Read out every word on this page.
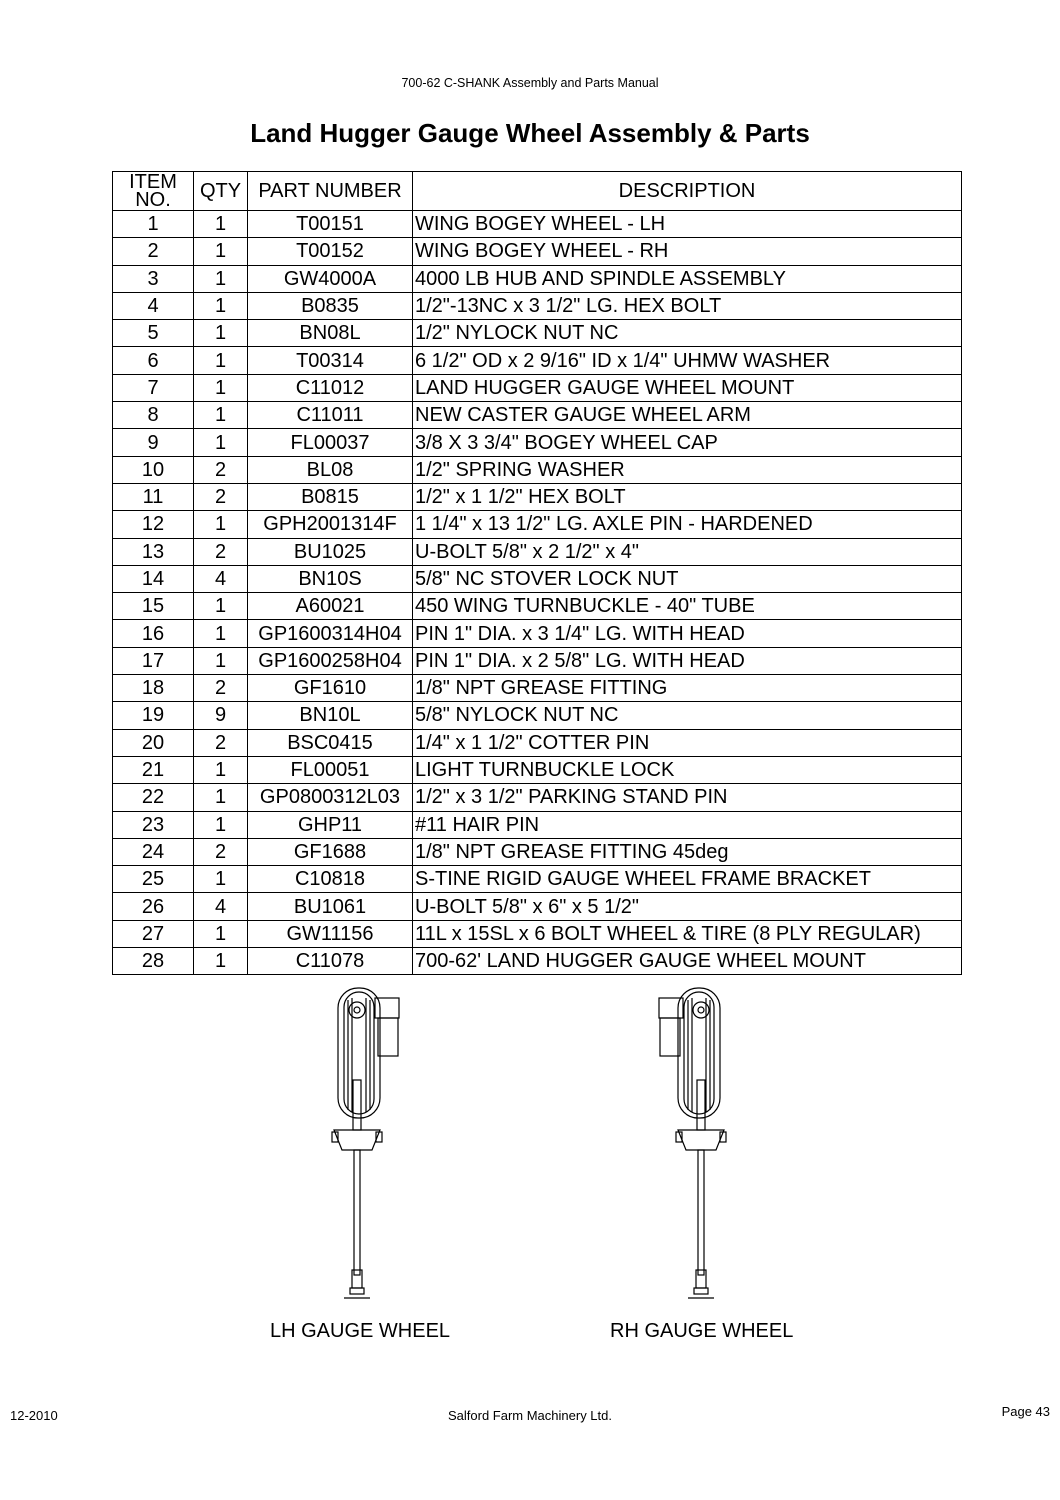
700-62 C-SHANK Assembly and Parts Manual
Land Hugger Gauge Wheel Assembly & Parts
ITEM NO.	QTY	PART NUMBER	DESCRIPTION
1	1	T00151	WING BOGEY WHEEL - LH
2	1	T00152	WING BOGEY WHEEL - RH
3	1	GW4000A	4000 LB HUB AND SPINDLE ASSEMBLY
4	1	B0835	1/2"-13NC x 3 1/2" LG. HEX BOLT
5	1	BN08L	1/2" NYLOCK NUT NC
6	1	T00314	6 1/2" OD x 2 9/16" ID x 1/4" UHMW WASHER
7	1	C11012	LAND HUGGER GAUGE WHEEL MOUNT
8	1	C11011	NEW CASTER GAUGE WHEEL ARM
9	1	FL00037	3/8 X 3 3/4" BOGEY WHEEL CAP
10	2	BL08	1/2" SPRING WASHER
11	2	B0815	1/2" x 1 1/2" HEX BOLT
12	1	GPH2001314F	1 1/4" x 13 1/2" LG. AXLE PIN - HARDENED
13	2	BU1025	U-BOLT 5/8" x 2 1/2" x 4"
14	4	BN10S	5/8" NC STOVER LOCK NUT
15	1	A60021	450 WING TURNBUCKLE - 40" TUBE
16	1	GP1600314H04	PIN 1" DIA. x 3 1/4" LG. WITH HEAD
17	1	GP1600258H04	PIN 1" DIA. x 2 5/8" LG. WITH HEAD
18	2	GF1610	1/8" NPT GREASE FITTING
19	9	BN10L	5/8" NYLOCK NUT NC
20	2	BSC0415	1/4" x 1 1/2" COTTER PIN
21	1	FL00051	LIGHT TURNBUCKLE LOCK
22	1	GP0800312L03	1/2" x 3 1/2" PARKING STAND PIN
23	1	GHP11	#11 HAIR PIN
24	2	GF1688	1/8" NPT GREASE FITTING 45deg
25	1	C10818	S-TINE RIGID GAUGE WHEEL FRAME BRACKET
26	4	BU1061	U-BOLT 5/8" x 6" x 5 1/2"
27	1	GW11156	11L x 15SL x 6 BOLT WHEEL & TIRE (8 PLY REGULAR)
28	1	C11078	700-62' LAND HUGGER GAUGE WHEEL MOUNT
LH GAUGE WHEEL	RH GAUGE WHEEL
12-2010	Salford Farm Machinery Ltd.	Page 43
